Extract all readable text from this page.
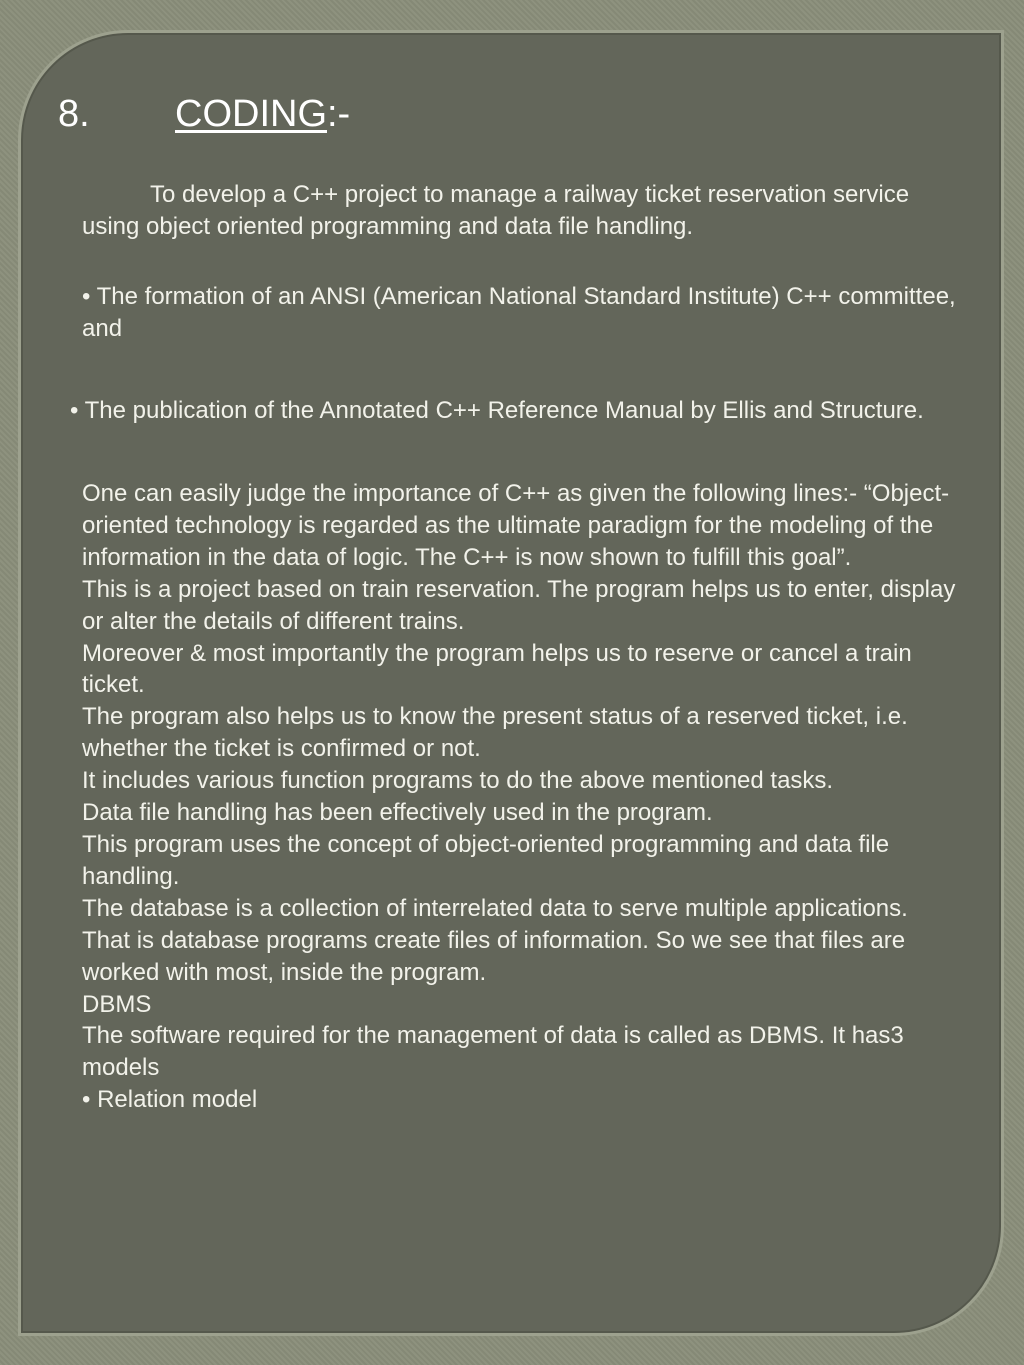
8. CODING:-

To develop a C++ project to manage a railway ticket reservation service using object oriented programming and data file handling.

• The formation of an ANSI (American National Standard Institute) C++ committee, and

• The publication of the Annotated C++ Reference Manual by Ellis and Structure.

One can easily judge the importance of C++ as given the following lines:- “Object-oriented technology is regarded as the ultimate paradigm for the modeling of the information in the data of logic. The C++ is now shown to fulfill this goal”.
This is a project based on train reservation. The program helps us to enter, display or alter the details of different trains.
Moreover & most importantly the program helps us to reserve or cancel a train ticket.
The program also helps us to know the present status of a reserved ticket, i.e. whether the ticket is confirmed or not.
It includes various function programs to do the above mentioned tasks.
Data file handling has been effectively used in the program.
This program uses the concept of object-oriented programming and data file handling.
The database is a collection of interrelated data to serve multiple applications. That is database programs create files of information. So we see that files are worked with most, inside the program.
DBMS
The software required for the management of data is called as DBMS. It has3 models
• Relation model
